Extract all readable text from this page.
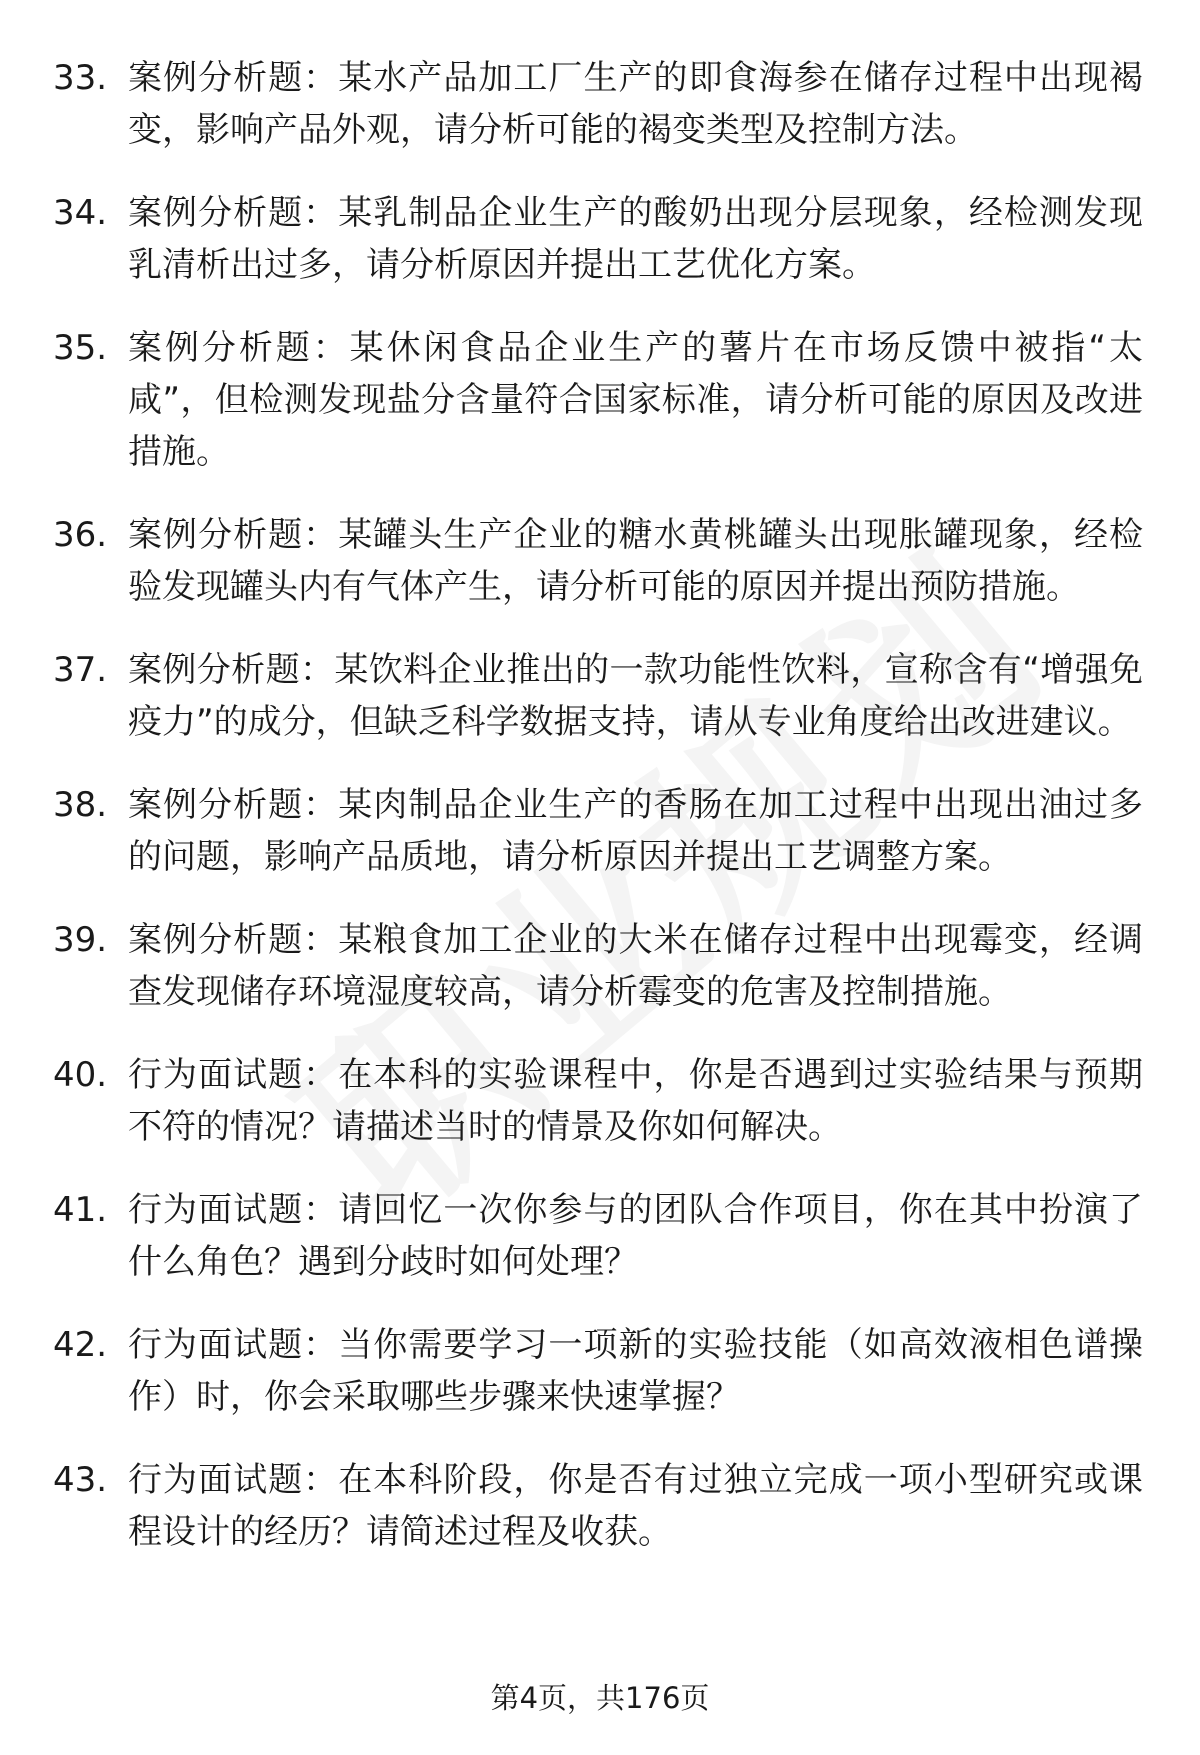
33. 案例分析题：某水产品加工厂生产的即食海参在储存过程中出现褐变，影响产品外观，请分析可能的褐变类型及控制方法。
34. 案例分析题：某乳制品企业生产的酸奶出现分层现象，经检测发现乳清析出过多，请分析原因并提出工艺优化方案。
35. 案例分析题：某休闲食品企业生产的薯片在市场反馈中被指“太咸”，但检测发现盐分含量符合国家标准，请分析可能的原因及改进措施。
36. 案例分析题：某罐头生产企业的糖水黄桃罐头出现胀罐现象，经检验发现罐头内有气体产生，请分析可能的原因并提出预防措施。
37. 案例分析题：某饮料企业推出的一款功能性饮料，宣称含有“增强免疫力”的成分，但缺乏科学数据支持，请从专业角度给出改进建议。
38. 案例分析题：某肉制品企业生产的香肠在加工过程中出现出油过多的问题，影响产品质地，请分析原因并提出工艺调整方案。
39. 案例分析题：某粮食加工企业的大米在储存过程中出现霉变，经调查发现储存环境湿度较高，请分析霉变的危害及控制措施。
40. 行为面试题：在本科的实验课程中，你是否遇到过实验结果与预期不符的情况？请描述当时的情景及你如何解决。
41. 行为面试题：请回忆一次你参与的团队合作项目，你在其中扮演了什么角色？遇到分歧时如何处理？
42. 行为面试题：当你需要学习一项新的实验技能（如高效液相色谱操作）时，你会采取哪些步骤来快速掌握？
43. 行为面试题：在本科阶段，你是否有过独立完成一项小型研究或课程设计的经历？请简述过程及收获。
第4页，共176页
